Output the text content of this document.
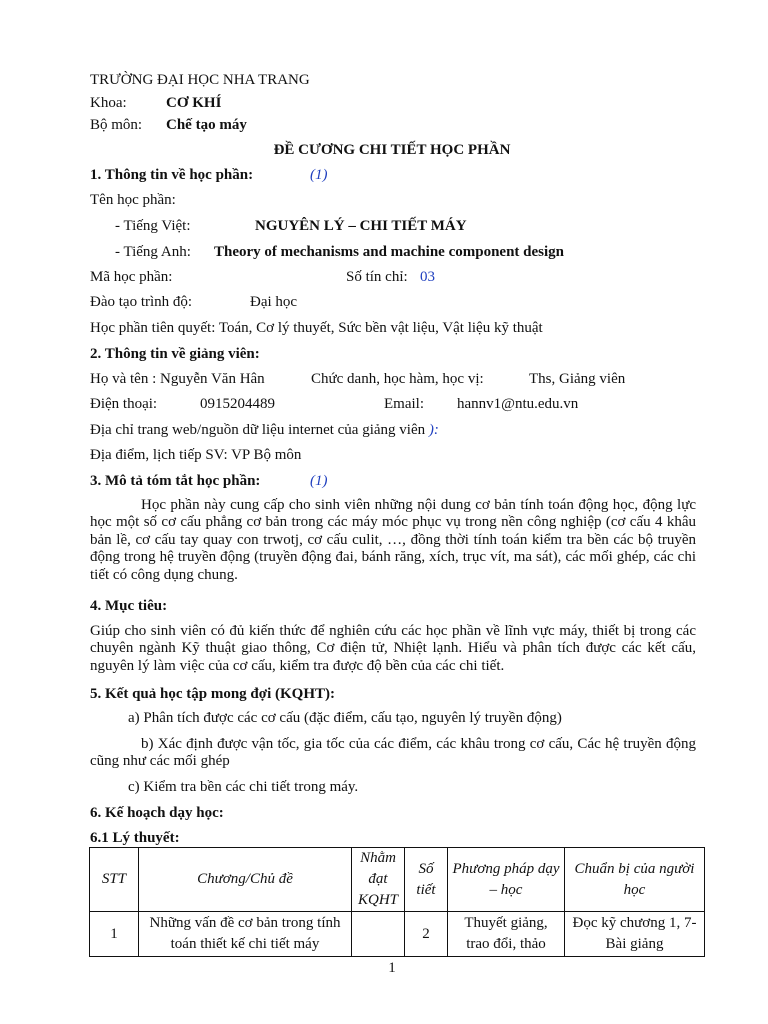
TRƯỜNG ĐẠI HỌC NHA TRANG
Khoa:	CƠ KHÍ
Bộ môn: Chế tạo máy
ĐỀ CƯƠNG CHI TIẾT HỌC PHẦN
1. Thông tin về học phần:	(1)
Tên học phần:
- Tiếng Việt:	NGUYÊN LÝ – CHI TIẾT MÁY
- Tiếng Anh: Theory of mechanisms and machine component design
Mã học phần:	Số tín chỉ: 03
Đào tạo trình độ:	Đại học
Học phần tiên quyết: Toán, Cơ lý thuyết, Sức bền vật liệu, Vật liệu kỹ thuật
2. Thông tin về giảng viên:
Họ và tên : Nguyễn Văn Hân	Chức danh, học hàm, học vị:	Ths, Giảng viên
Điện thoại:	0915204489	Email: hannv1@ntu.edu.vn
Địa chỉ trang web/nguồn dữ liệu internet của giảng viên ):
Địa điểm, lịch tiếp SV: VP Bộ môn
3. Mô tả tóm tắt học phần:	(1)
Học phần này cung cấp cho sinh viên những nội dung cơ bản tính toán động học, động lực học một số cơ cấu phẳng cơ bản trong các máy móc phục vụ trong nền công nghiệp (cơ cấu 4 khâu bản lề, cơ cấu tay quay con trwotj, cơ cấu culit, …, đồng thời tính toán kiểm tra bền các bộ truyền động trong hệ truyền động (truyền động đai, bánh răng, xích, trục vít, ma sát), các mối ghép, các chi tiết có công dụng chung.
4. Mục tiêu:
Giúp cho sinh viên có đủ kiến thức để nghiên cứu các học phần về lĩnh vực máy, thiết bị trong các chuyên ngành Kỹ thuật giao thông, Cơ điện tử, Nhiệt lạnh. Hiểu và phân tích được các kết cấu, nguyên lý làm việc của cơ cấu, kiểm tra được độ bền của các chi tiết.
5. Kết quả học tập mong đợi (KQHT):
a) Phân tích được các cơ cấu (đặc điểm, cấu tạo, nguyên lý truyền động)
b) Xác định được vận tốc, gia tốc của các điểm, các khâu trong cơ cấu, Các hệ truyền động cũng như các mối ghép
c) Kiểm tra bền các chi tiết trong máy.
6. Kế hoạch dạy học:
6.1 Lý thuyết:
STT	Chương/Chủ đề	Nhằm đạt KQHT	Số tiết	Phương pháp dạy – học	Chuẩn bị của người học
1	Những vấn đề cơ bản trong tính toán thiết kế chi tiết máy		2	Thuyết giảng, trao đổi, thảo	Đọc kỹ chương 1, 7- Bài giảng
1
